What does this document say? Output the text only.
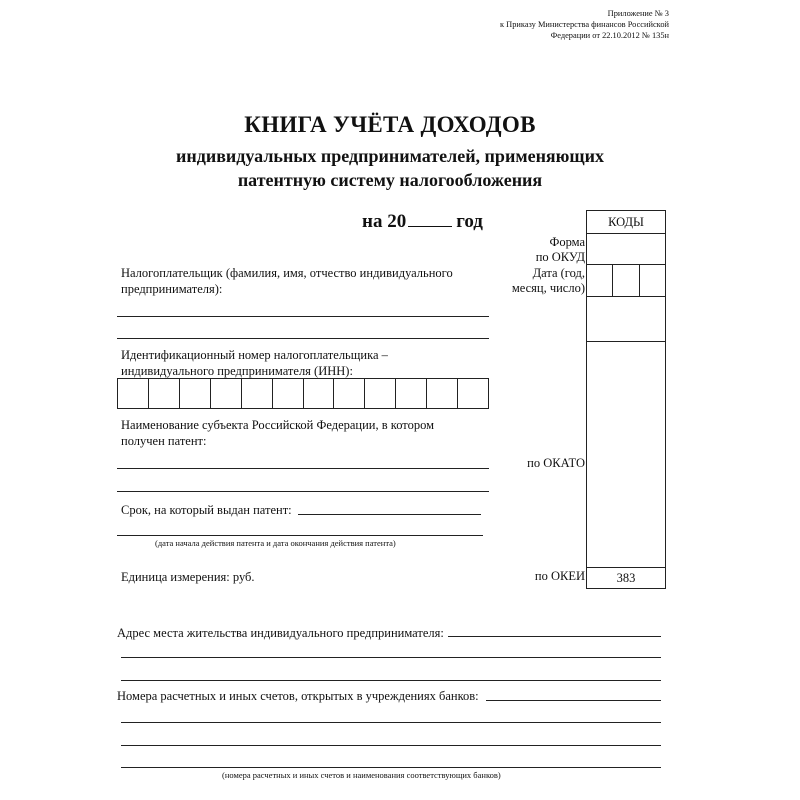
Приложение № 3
к Приказу Министерства финансов Российской
Федерации от 22.10.2012 № 135н
КНИГА УЧЁТА ДОХОДОВ
индивидуальных предпринимателей, применяющих
патентную систему налогообложения
на 20	год	КОДЫ
383
Форма
по ОКУД
Дата (год,
месяц, число)
по ОКАТО
по ОКЕИ
Налогоплательщик (фамилия, имя, отчество индивидуального
предпринимателя):
Идентификационный номер налогоплательщика –
индивидуального предпринимателя (ИНН):
Наименование субъекта Российской Федерации, в котором
получен патент:
Срок, на который выдан патент:
(дата начала действия патента и дата окончания действия патента)
Единица измерения: руб.
Адрес места жительства индивидуального предпринимателя:
Номера расчетных и иных счетов, открытых в учреждениях банков:
(номера расчетных и иных счетов и наименования соответствующих банков)
